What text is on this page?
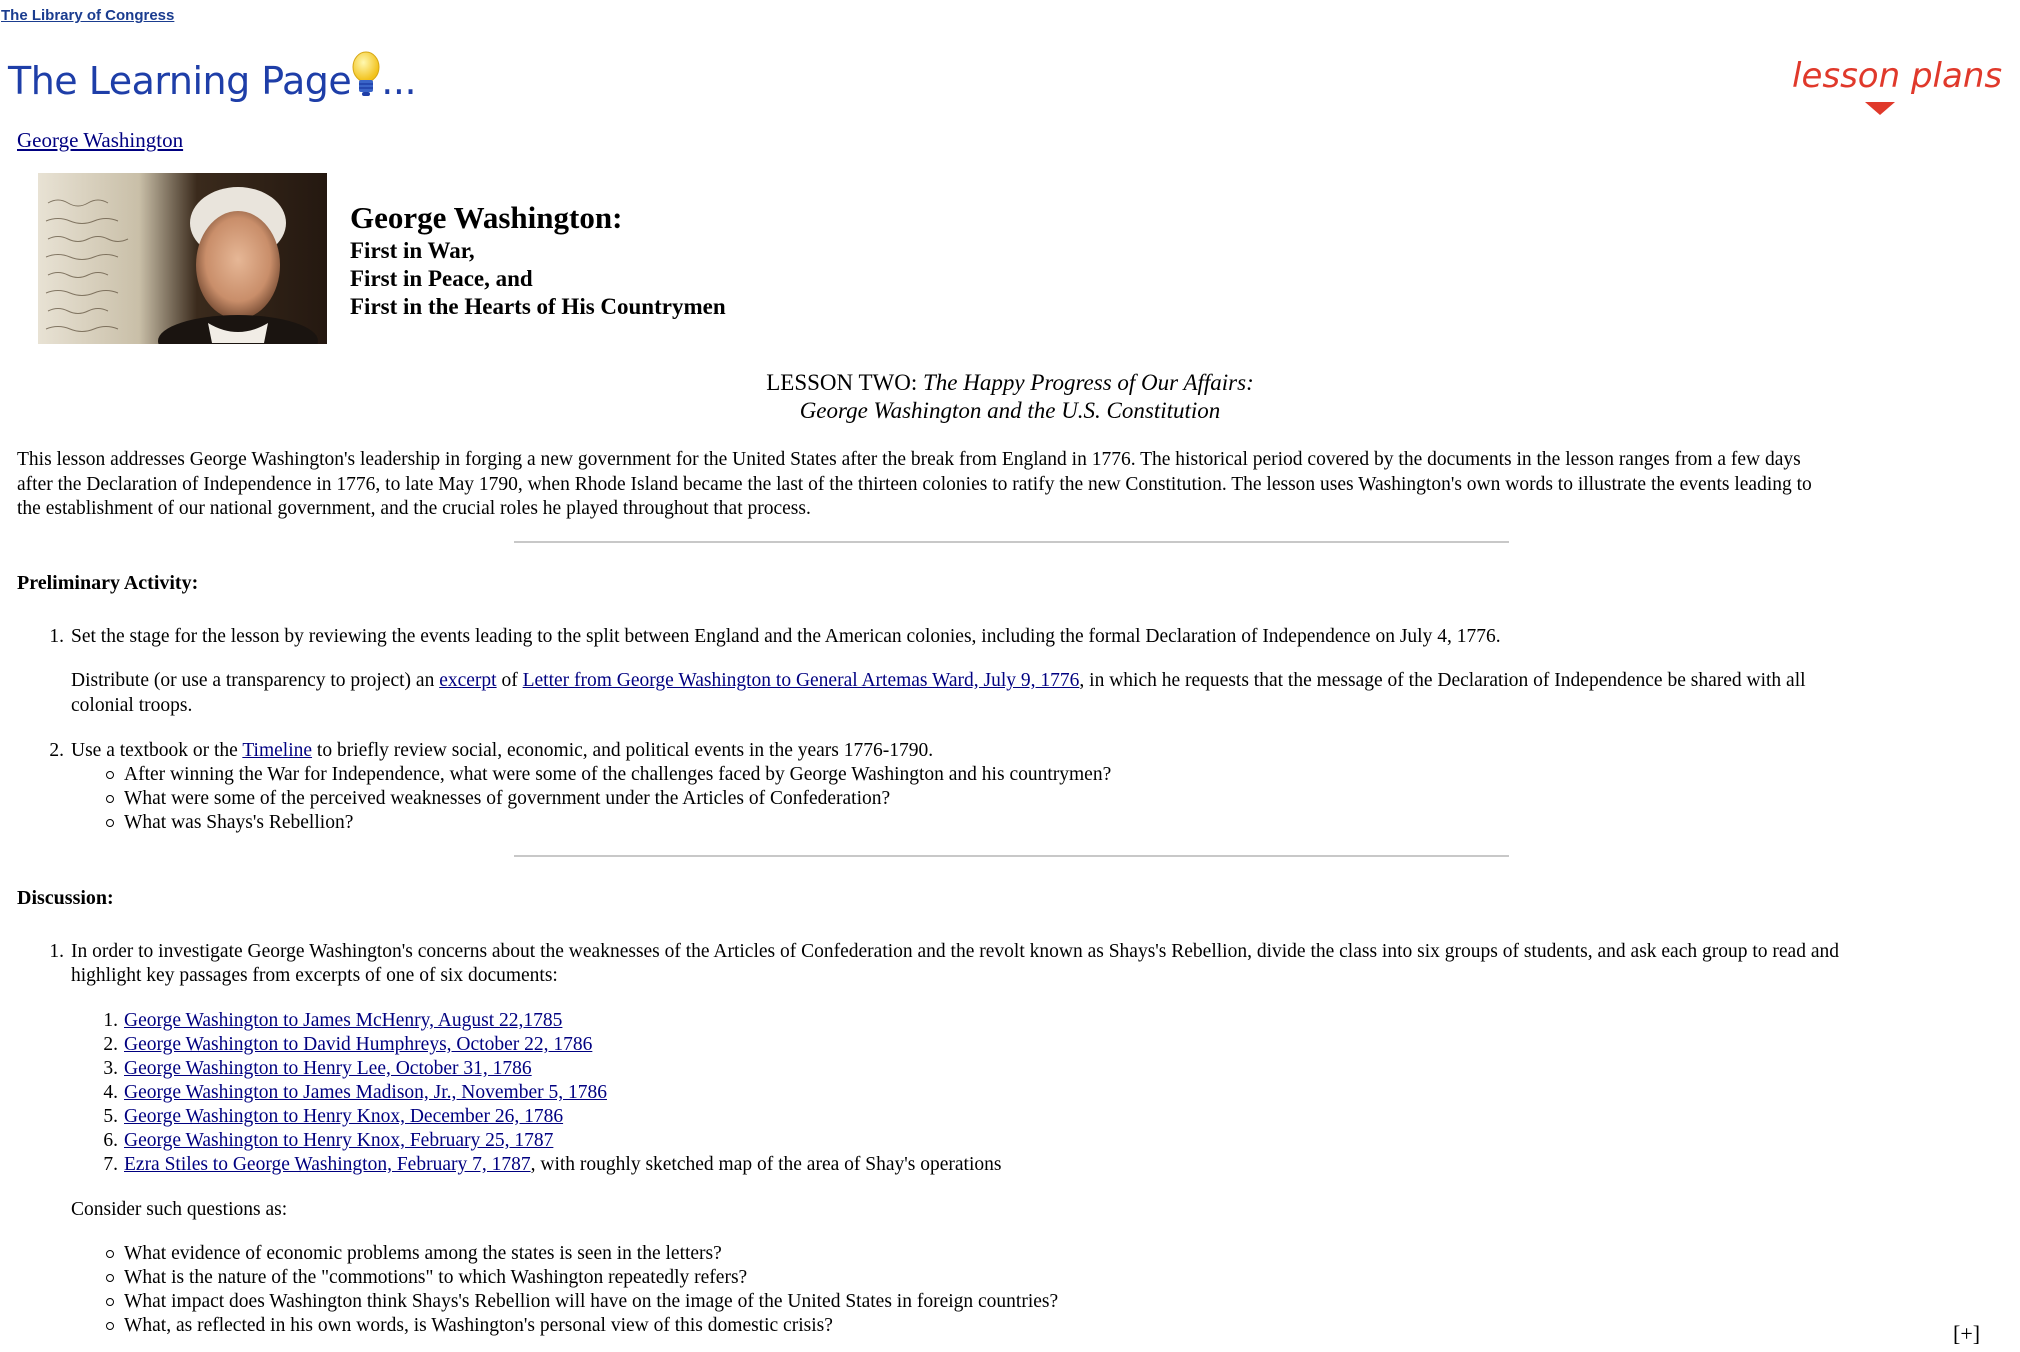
The Library of Congress
The Learning Page ...	lesson plans
George Washington
George Washington:
First in War,
First in Peace, and
First in the Hearts of His Countrymen
LESSON TWO: The Happy Progress of Our Affairs:
George Washington and the U.S. Constitution
This lesson addresses George Washington's leadership in forging a new government for the United States after the break from England in 1776. The historical period covered by the documents in the lesson ranges from a few days
after the Declaration of Independence in 1776, to late May 1790, when Rhode Island became the last of the thirteen colonies to ratify the new Constitution. The lesson uses Washington's own words to illustrate the events leading to
the establishment of our national government, and the crucial roles he played throughout that process.
Preliminary Activity:
1. Set the stage for the lesson by reviewing the events leading to the split between England and the American colonies, including the formal Declaration of Independence on July 4, 1776.
Distribute (or use a transparency to project) an excerpt of Letter from George Washington to General Artemas Ward, July 9, 1776, in which he requests that the message of the Declaration of Independence be shared with all
colonial troops.
2. Use a textbook or the Timeline to briefly review social, economic, and political events in the years 1776-1790.
After winning the War for Independence, what were some of the challenges faced by George Washington and his countrymen?
What were some of the perceived weaknesses of government under the Articles of Confederation?
What was Shays's Rebellion?
Discussion:
1. In order to investigate George Washington's concerns about the weaknesses of the Articles of Confederation and the revolt known as Shays's Rebellion, divide the class into six groups of students, and ask each group to read and
highlight key passages from excerpts of one of six documents:
1. George Washington to James McHenry, August 22,1785
2. George Washington to David Humphreys, October 22, 1786
3. George Washington to Henry Lee, October 31, 1786
4. George Washington to James Madison, Jr., November 5, 1786
5. George Washington to Henry Knox, December 26, 1786
6. George Washington to Henry Knox, February 25, 1787
7. Ezra Stiles to George Washington, February 7, 1787, with roughly sketched map of the area of Shay's operations
Consider such questions as:
What evidence of economic problems among the states is seen in the letters?
What is the nature of the "commotions" to which Washington repeatedly refers?
What impact does Washington think Shays's Rebellion will have on the image of the United States in foreign countries?
What, as reflected in his own words, is Washington's personal view of this domestic crisis?	[+]
